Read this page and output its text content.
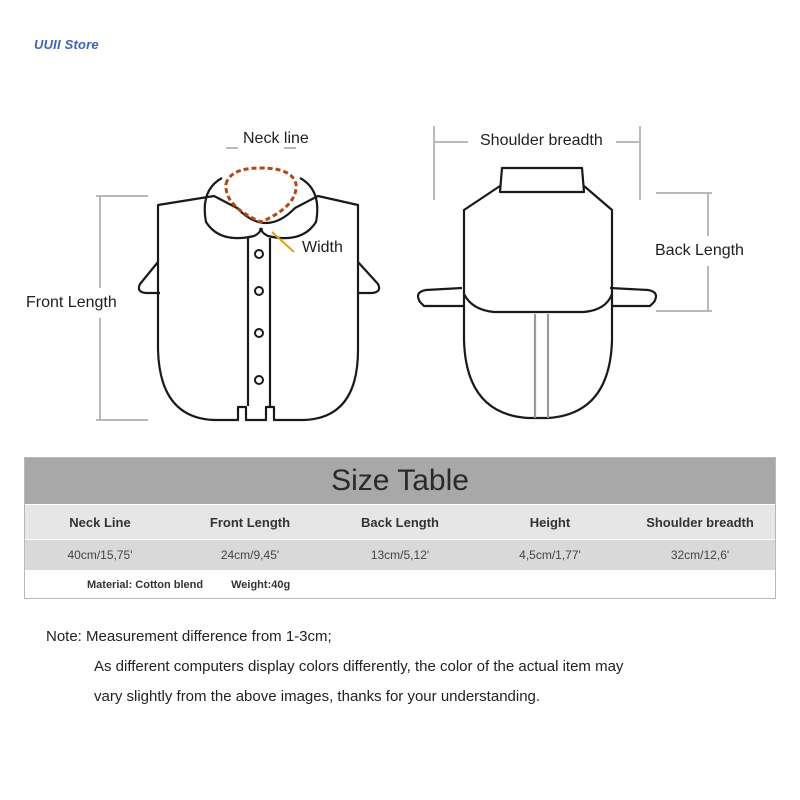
UUII Store
Neck line
Width
Front Length
Shoulder breadth
Back Length
Size Table
Neck Line	Front Length	Back Length	Height	Shoulder breadth
40cm/15,75'	24cm/9,45'	13cm/5,12'	4,5cm/1,77'	32cm/12,6'
Material: Cotton blend	Weight:40g
Note: Measurement difference from 1-3cm;
As different computers display colors differently, the color of the actual item may
vary slightly from the above images, thanks for your understanding.
